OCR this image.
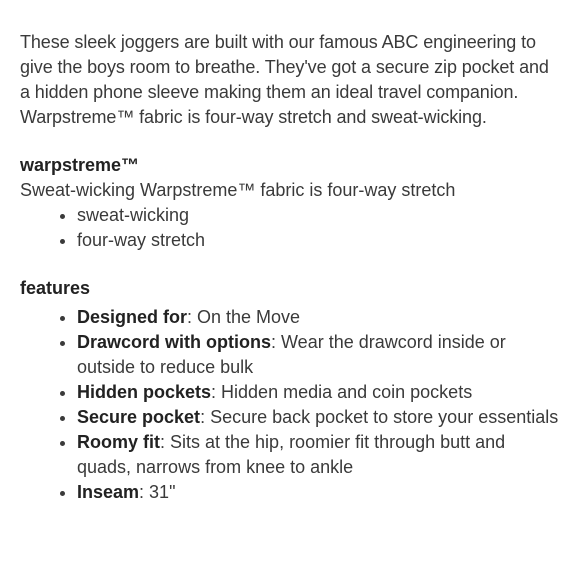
These sleek joggers are built with our famous ABC engineering to give the boys room to breathe. They've got a secure zip pocket and a hidden phone sleeve making them an ideal travel companion. Warpstreme™ fabric is four-way stretch and sweat-wicking.

warpstreme™

Sweat-wicking Warpstreme™ fabric is four-way stretch

• sweat-wicking
• four-way stretch

features

• Designed for: On the Move
• Drawcord with options: Wear the drawcord inside or outside to reduce bulk
• Hidden pockets: Hidden media and coin pockets
• Secure pocket: Secure back pocket to store your essentials
• Roomy fit: Sits at the hip, roomier fit through butt and quads, narrows from knee to ankle
• Inseam: 31"
